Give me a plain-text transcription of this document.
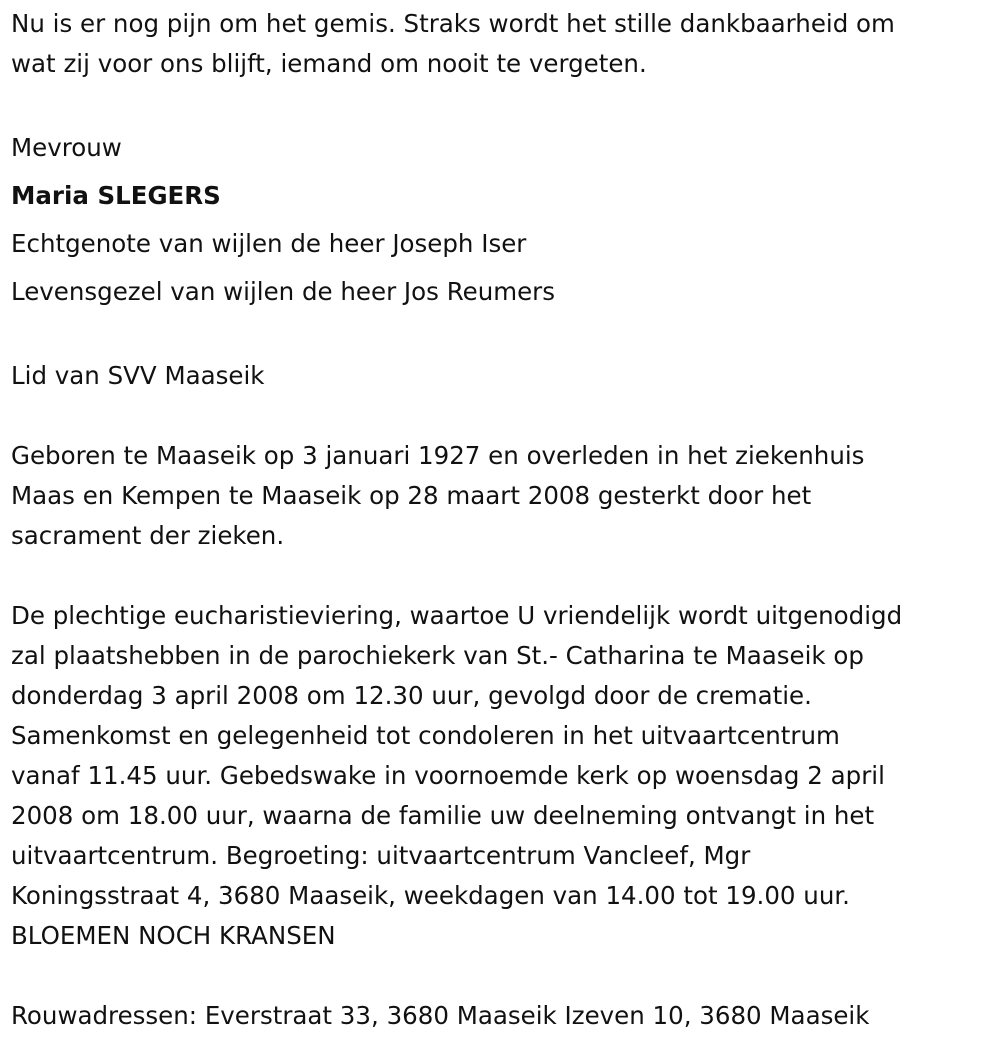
Nu is er nog pijn om het gemis. Straks wordt het stille dankbaarheid om
wat zij voor ons blijft, iemand om nooit te vergeten.

Mevrouw

Maria SLEGERS

Echtgenote van wijlen de heer Joseph Iser

Levensgezel van wijlen de heer Jos Reumers

Lid van SVV Maaseik

Geboren te Maaseik op 3 januari 1927 en overleden in het ziekenhuis
Maas en Kempen te Maaseik op 28 maart 2008 gesterkt door het
sacrament der zieken.

De plechtige eucharistieviering, waartoe U vriendelijk wordt uitgenodigd
zal plaatshebben in de parochiekerk van St.- Catharina te Maaseik op
donderdag 3 april 2008 om 12.30 uur, gevolgd door de crematie.
Samenkomst en gelegenheid tot condoleren in het uitvaartcentrum
vanaf 11.45 uur. Gebedswake in voornoemde kerk op woensdag 2 april
2008 om 18.00 uur, waarna de familie uw deelneming ontvangt in het
uitvaartcentrum. Begroeting: uitvaartcentrum Vancleef, Mgr
Koningsstraat 4, 3680 Maaseik, weekdagen van 14.00 tot 19.00 uur.
BLOEMEN NOCH KRANSEN

Rouwadressen: Everstraat 33, 3680 Maaseik Izeven 10, 3680 Maaseik
